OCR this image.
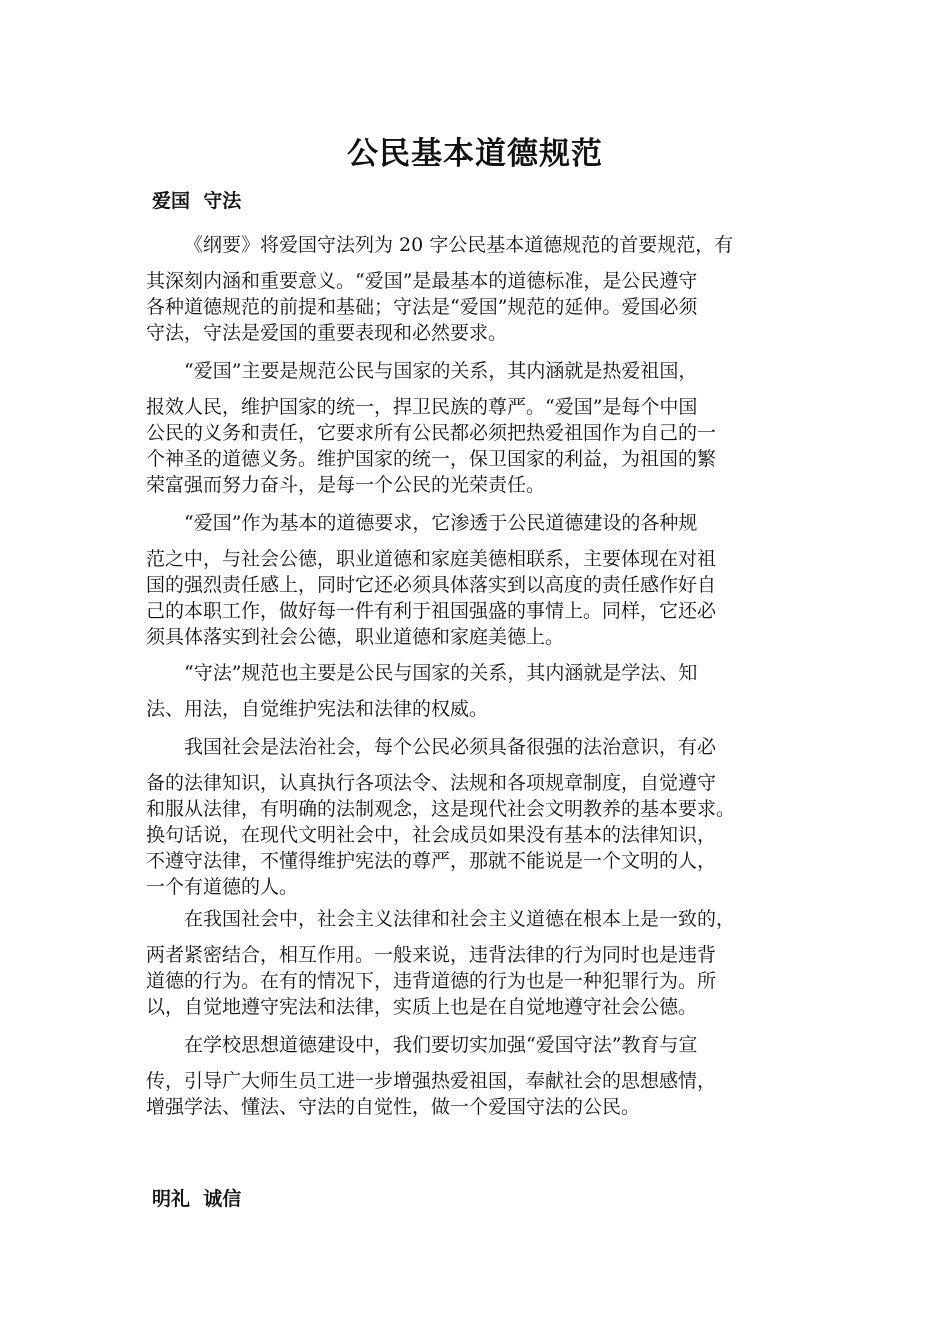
公民基本道德规范
爱国  守法
《纲要》将爱国守法列为 20 字公民基本道德规范的首要规范，有
其深刻内涵和重要意义。“爱国”是最基本的道德标准，是公民遵守
各种道德规范的前提和基础；守法是“爱国”规范的延伸。爱国必须
守法，守法是爱国的重要表现和必然要求。
“爱国”主要是规范公民与国家的关系，其内涵就是热爱祖国，
报效人民，维护国家的统一，捍卫民族的尊严。“爱国”是每个中国
公民的义务和责任，它要求所有公民都必须把热爱祖国作为自己的一
个神圣的道德义务。维护国家的统一，保卫国家的利益，为祖国的繁
荣富强而努力奋斗，是每一个公民的光荣责任。
“爱国”作为基本的道德要求，它渗透于公民道德建设的各种规
范之中，与社会公德，职业道德和家庭美德相联系，主要体现在对祖
国的强烈责任感上，同时它还必须具体落实到以高度的责任感作好自
己的本职工作，做好每一件有利于祖国强盛的事情上。同样，它还必
须具体落实到社会公德，职业道德和家庭美德上。
“守法”规范也主要是公民与国家的关系，其内涵就是学法、知
法、用法，自觉维护宪法和法律的权威。
我国社会是法治社会，每个公民必须具备很强的法治意识，有必
备的法律知识，认真执行各项法令、法规和各项规章制度，自觉遵守
和服从法律，有明确的法制观念，这是现代社会文明教养的基本要求。
换句话说，在现代文明社会中，社会成员如果没有基本的法律知识，
不遵守法律，不懂得维护宪法的尊严，那就不能说是一个文明的人，
一个有道德的人。
在我国社会中，社会主义法律和社会主义道德在根本上是一致的，
两者紧密结合，相互作用。一般来说，违背法律的行为同时也是违背
道德的行为。在有的情况下，违背道德的行为也是一种犯罪行为。所
以，自觉地遵守宪法和法律，实质上也是在自觉地遵守社会公德。
在学校思想道德建设中，我们要切实加强“爱国守法”教育与宣
传，引导广大师生员工进一步增强热爱祖国，奉献社会的思想感情，
增强学法、懂法、守法的自觉性，做一个爱国守法的公民。
明礼  诚信
